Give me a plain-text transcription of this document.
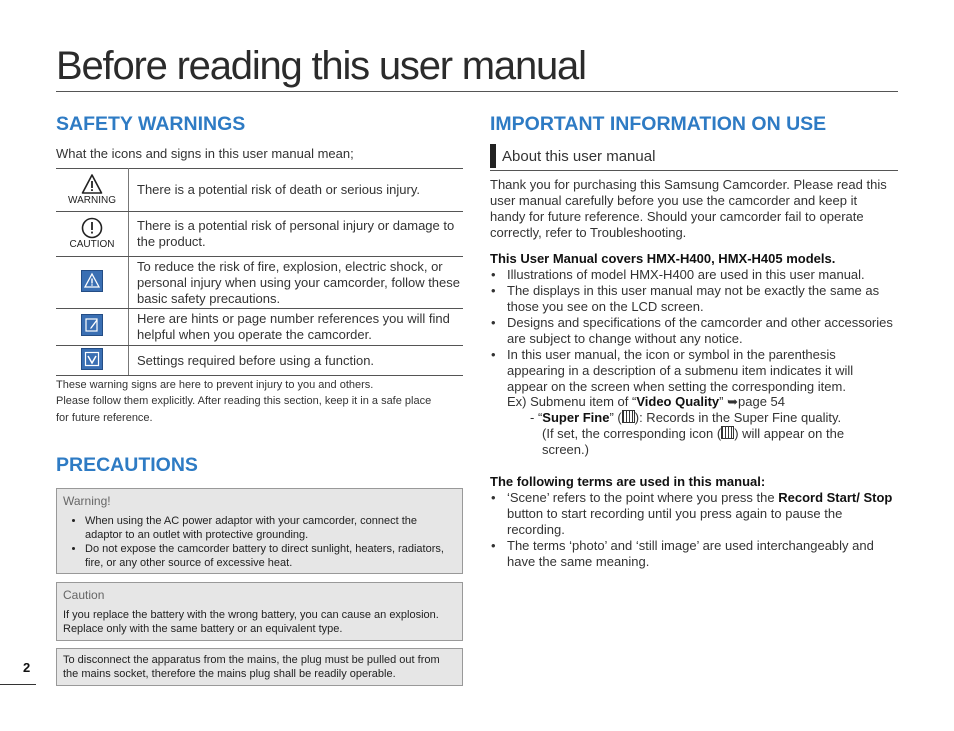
Before reading this user manual
SAFETY WARNINGS
What the icons and signs in this user manual mean;
WARNING	There is a potential risk of death or serious injury.

CAUTION	There is a potential risk of personal injury or damage to the product.
	To reduce the risk of fire, explosion, electric shock, or personal injury when using your camcorder, follow these basic safety precautions.
	Here are hints or page number references you will find helpful when you operate the camcorder.
	Settings required before using a function.
These warning signs are here to prevent injury to you and others.
Please follow them explicitly. After reading this section, keep it in a safe place
for future reference.
PRECAUTIONS
Warning!
• When using the AC power adaptor with your camcorder, connect the adaptor to an outlet with protective grounding.
• Do not expose the camcorder battery to direct sunlight, heaters, radiators, fire, or any other source of excessive heat.
Caution

If you replace the battery with the wrong battery, you can cause an explosion. Replace only with the same battery or an equivalent type.

To disconnect the apparatus from the mains, the plug must be pulled out from the mains socket, therefore the mains plug shall be readily operable.

2
IMPORTANT INFORMATION ON USE
About this user manual
Thank you for purchasing this Samsung Camcorder. Please read this user manual carefully before you use the camcorder and keep it handy for future reference. Should your camcorder fail to operate correctly, refer to Troubleshooting.
This User Manual covers HMX-H400, HMX-H405 models.
• Illustrations of model HMX-H400 are used in this user manual.
• The displays in this user manual may not be exactly the same as those you see on the LCD screen.
• Designs and specifications of the camcorder and other accessories are subject to change without any notice.
• In this user manual, the icon or symbol in the parenthesis appearing in a description of a submenu item indicates it will appear on the screen when setting the corresponding item.
Ex) Submenu item of “Video Quality” ➥page 54
- “Super Fine” ( ): Records in the Super Fine quality.
(If set, the corresponding icon ( ) will appear on the
screen.)
The following terms are used in this manual:
• ‘Scene’ refers to the point where you press the Record Start/ Stop button to start recording until you press again to pause the recording.
• The terms ‘photo’ and ‘still image’ are used interchangeably and have the same meaning.
